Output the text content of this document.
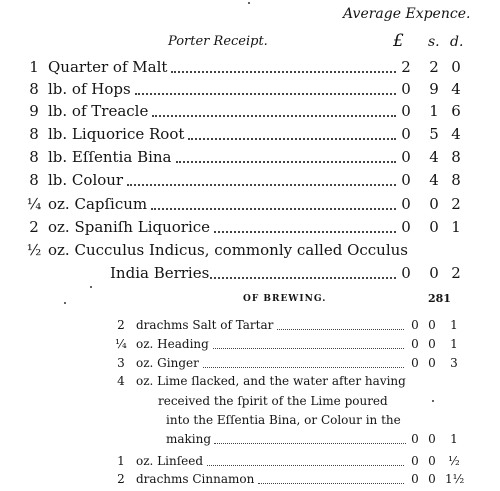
Average Expence.
Porter Receipt.	£ s. d.
1 Quarter of Malt	2 2 0
8 lb. of Hops	0 9 4
9 lb. of Treacle	0 1 6
8 lb. Liquorice Root	0 5 4
8 lb. Eſſentia Bina	0 4 8
8 lb. Colour	0 4 8
¼ oz. Capſicum	0 0 2
2 oz. Spaniſh Liquorice	0 0 1
½ oz. Cucculus Indicus, commonly called Occulus
India Berries	0 0 2
OF BREWING.	281
2 drachms Salt of Tartar	0 0	1
¼ oz. Heading	0 0	1
3 oz. Ginger	0 0	3
4 oz. Lime ſlacked, and the water after having
received the ſpirit of the Lime poured
into the Eſſentia Bina, or Colour in the
making	0 0	1
1 oz. Linſeed	0 0	½
2 drachms Cinnamon	0 0 1½
